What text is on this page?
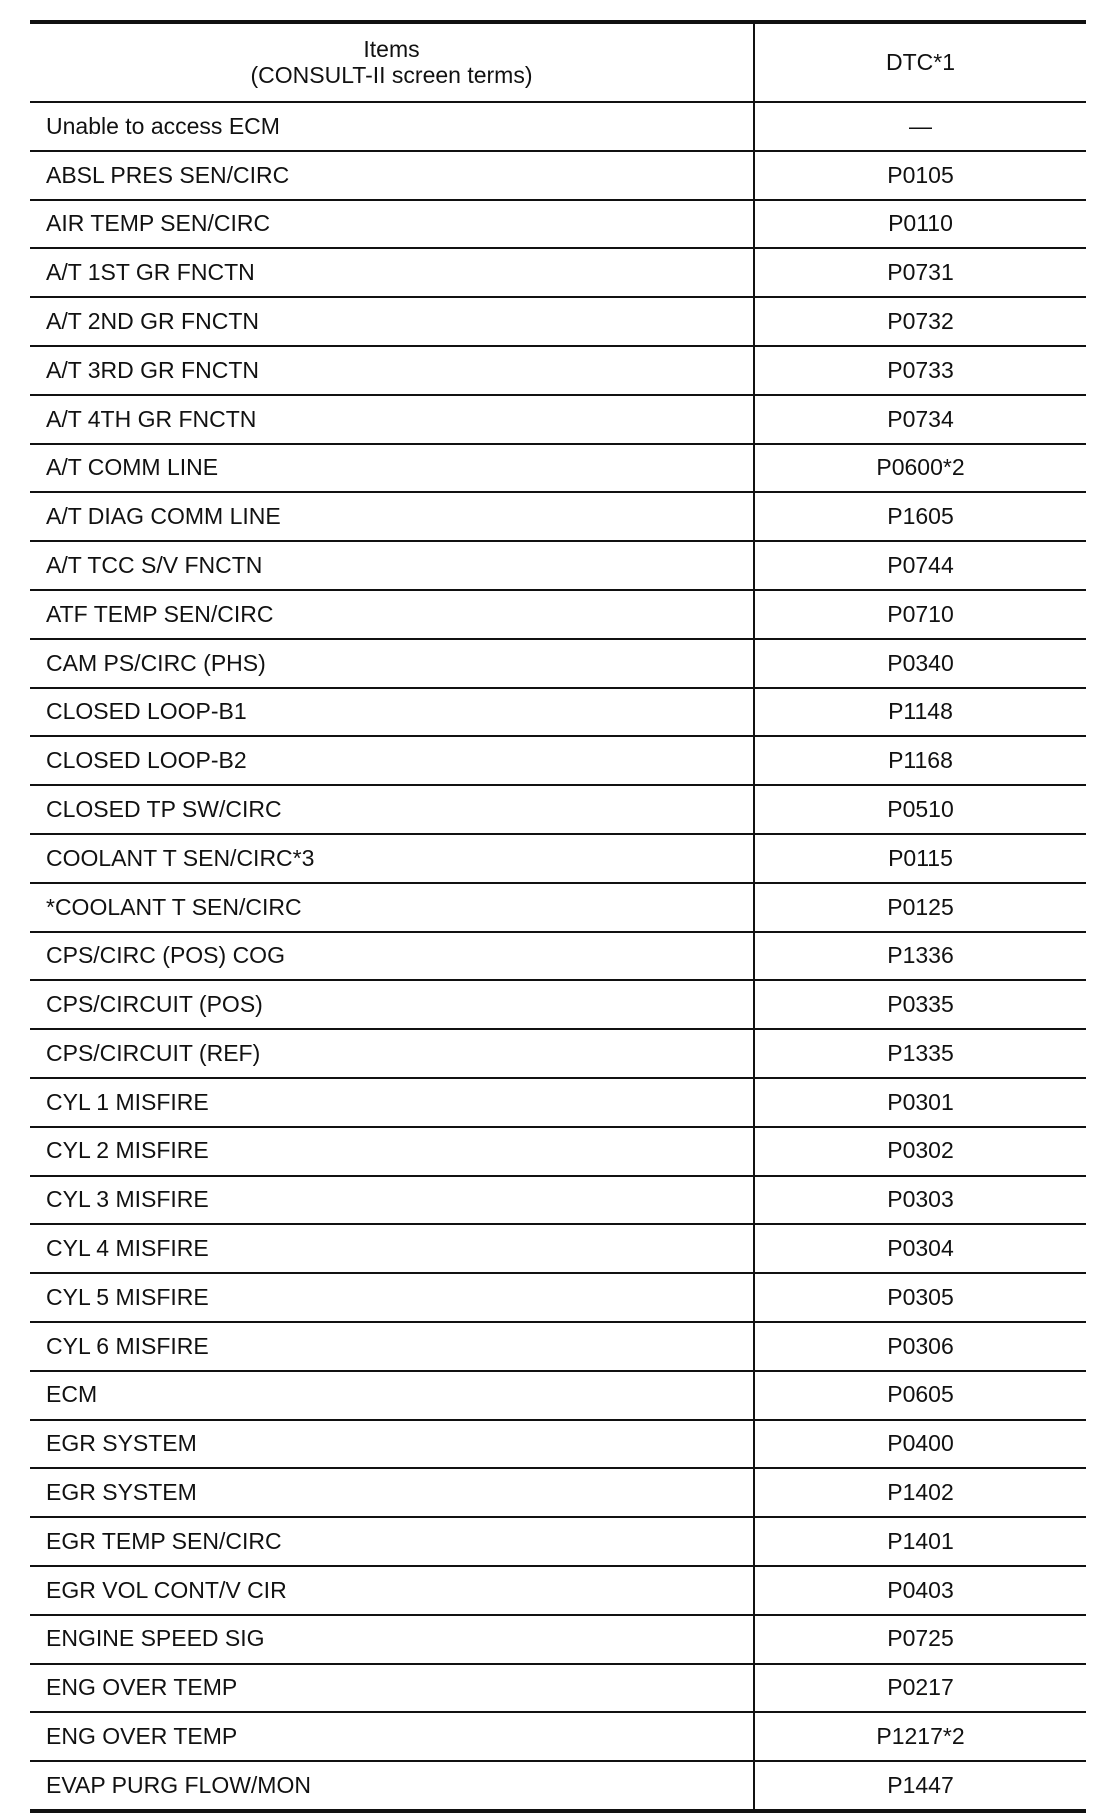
Items
(CONSULT-II screen terms)	DTC*1
Unable to access ECM	—
ABSL PRES SEN/CIRC	P0105
AIR TEMP SEN/CIRC	P0110
A/T 1ST GR FNCTN	P0731
A/T 2ND GR FNCTN	P0732
A/T 3RD GR FNCTN	P0733
A/T 4TH GR FNCTN	P0734
A/T COMM LINE	P0600*2
A/T DIAG COMM LINE	P1605
A/T TCC S/V FNCTN	P0744
ATF TEMP SEN/CIRC	P0710
CAM PS/CIRC (PHS)	P0340
CLOSED LOOP-B1	P1148
CLOSED LOOP-B2	P1168
CLOSED TP SW/CIRC	P0510
COOLANT T SEN/CIRC*3	P0115
*COOLANT T SEN/CIRC	P0125
CPS/CIRC (POS) COG	P1336
CPS/CIRCUIT (POS)	P0335
CPS/CIRCUIT (REF)	P1335
CYL 1 MISFIRE	P0301
CYL 2 MISFIRE	P0302
CYL 3 MISFIRE	P0303
CYL 4 MISFIRE	P0304
CYL 5 MISFIRE	P0305
CYL 6 MISFIRE	P0306
ECM	P0605
EGR SYSTEM	P0400
EGR SYSTEM	P1402
EGR TEMP SEN/CIRC	P1401
EGR VOL CONT/V CIR	P0403
ENGINE SPEED SIG	P0725
ENG OVER TEMP	P0217
ENG OVER TEMP	P1217*2
EVAP PURG FLOW/MON	P1447
